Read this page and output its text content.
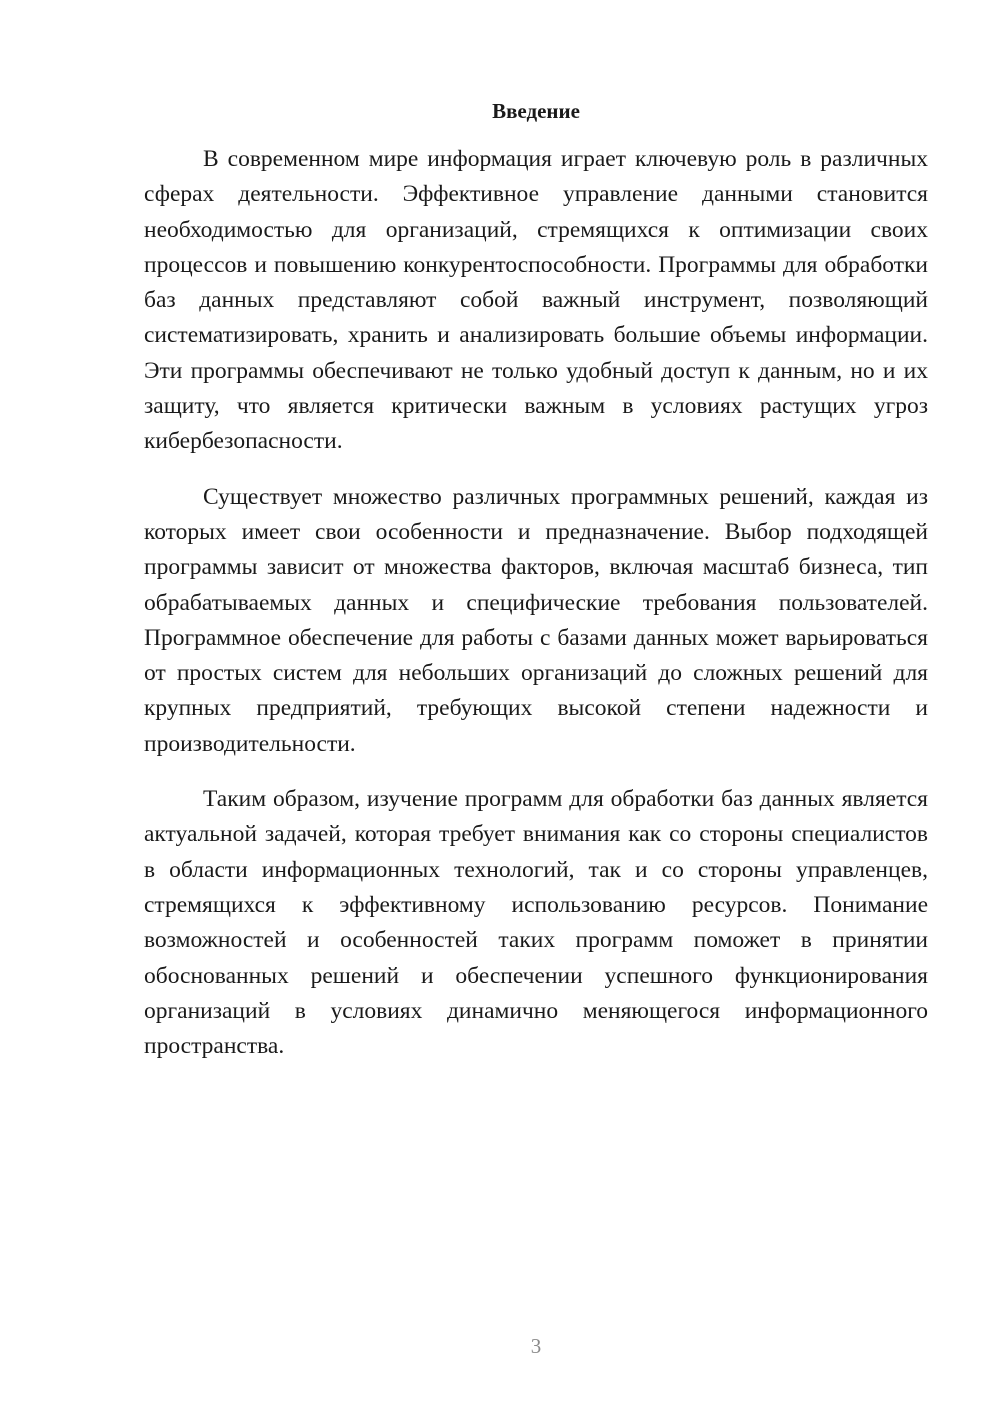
Введение

В современном мире информация играет ключевую роль в различных сферах деятельности. Эффективное управление данными становится необходимостью для организаций, стремящихся к оптимизации своих процессов и повышению конкурентоспособности. Программы для обработки баз данных представляют собой важный инструмент, позволяющий систематизировать, хранить и анализировать большие объемы информации. Эти программы обеспечивают не только удобный доступ к данным, но и их защиту, что является критически важным в условиях растущих угроз кибербезопасности.

Существует множество различных программных решений, каждая из которых имеет свои особенности и предназначение. Выбор подходящей программы зависит от множества факторов, включая масштаб бизнеса, тип обрабатываемых данных и специфические требования пользователей. Программное обеспечение для работы с базами данных может варьироваться от простых систем для небольших организаций до сложных решений для крупных предприятий, требующих высокой степени надежности и производительности.

Таким образом, изучение программ для обработки баз данных является актуальной задачей, которая требует внимания как со стороны специалистов в области информационных технологий, так и со стороны управленцев, стремящихся к эффективному использованию ресурсов. Понимание возможностей и особенностей таких программ поможет в принятии обоснованных решений и обеспечении успешного функционирования организаций в условиях динамично меняющегося информационного пространства.

3
